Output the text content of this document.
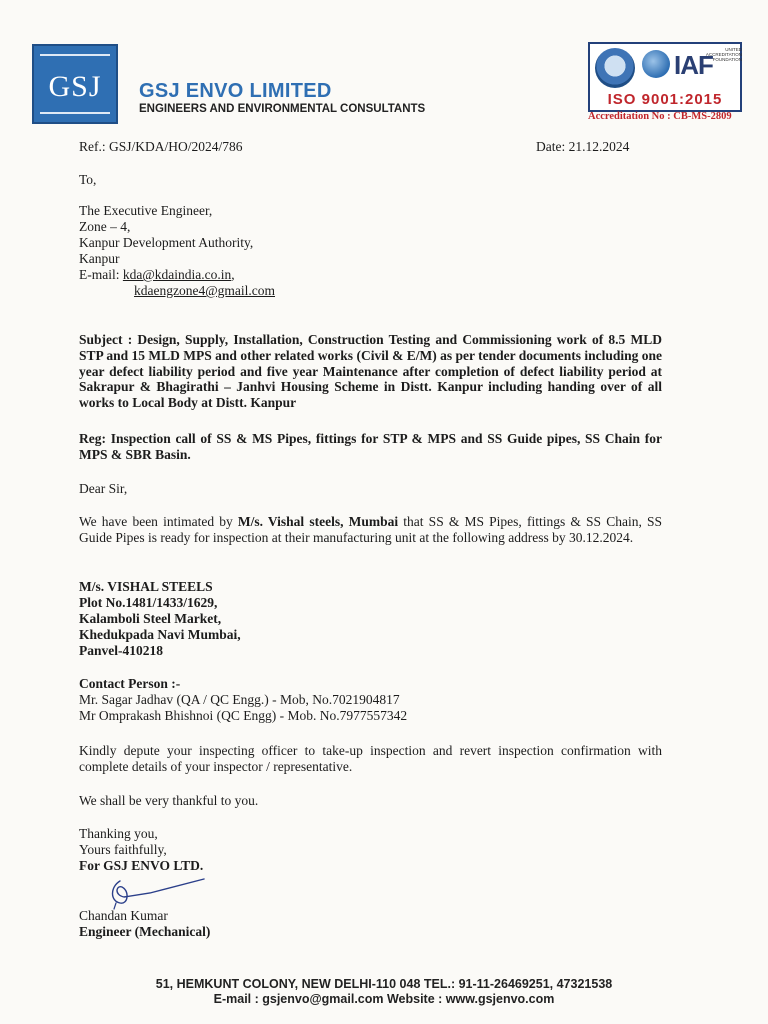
GSJ	GSJ ENVO LIMITED
ENGINEERS AND ENVIRONMENTAL CONSULTANTS
IAF
UNITED ACCREDITATION FOUNDATION
ISO 9001:2015
Accreditation No : CB-MS-2809
Ref.: GSJ/KDA/HO/2024/786	Date: 21.12.2024
To,
The Executive Engineer,
Zone – 4,
Kanpur Development Authority,
Kanpur
E-mail: kda@kdaindia.co.in,
kdaengzone4@gmail.com
Subject : Design, Supply, Installation, Construction Testing and Commissioning work of 8.5 MLD STP and 15 MLD MPS and other related works (Civil & E/M) as per tender documents including one year defect liability period and five year Maintenance after completion of defect liability period at Sakrapur & Bhagirathi – Janhvi Housing Scheme in Distt. Kanpur including handing over of all works to Local Body at Distt. Kanpur
Reg: Inspection call of SS & MS Pipes, fittings for STP & MPS and SS Guide pipes, SS Chain for MPS & SBR Basin.
Dear Sir,
We have been intimated by M/s. Vishal steels, Mumbai that SS & MS Pipes, fittings & SS Chain, SS Guide Pipes is ready for inspection at their manufacturing unit at the following address by 30.12.2024.
M/s. VISHAL STEELS
Plot No.1481/1433/1629,
Kalamboli Steel Market,
Khedukpada Navi Mumbai,
Panvel-410218
Contact Person :-
Mr. Sagar Jadhav (QA / QC Engg.) - Mob, No.7021904817
Mr Omprakash Bhishnoi (QC Engg) - Mob. No.7977557342
Kindly depute your inspecting officer to take-up inspection and revert inspection confirmation with complete details of your inspector / representative.
We shall be very thankful to you.
Thanking you,
Yours faithfully,
For GSJ ENVO LTD.
Chandan Kumar
Engineer (Mechanical)
51, HEMKUNT COLONY, NEW DELHI-110 048 TEL.: 91-11-26469251, 47321538
E-mail : gsjenvo@gmail.com Website : www.gsjenvo.com
